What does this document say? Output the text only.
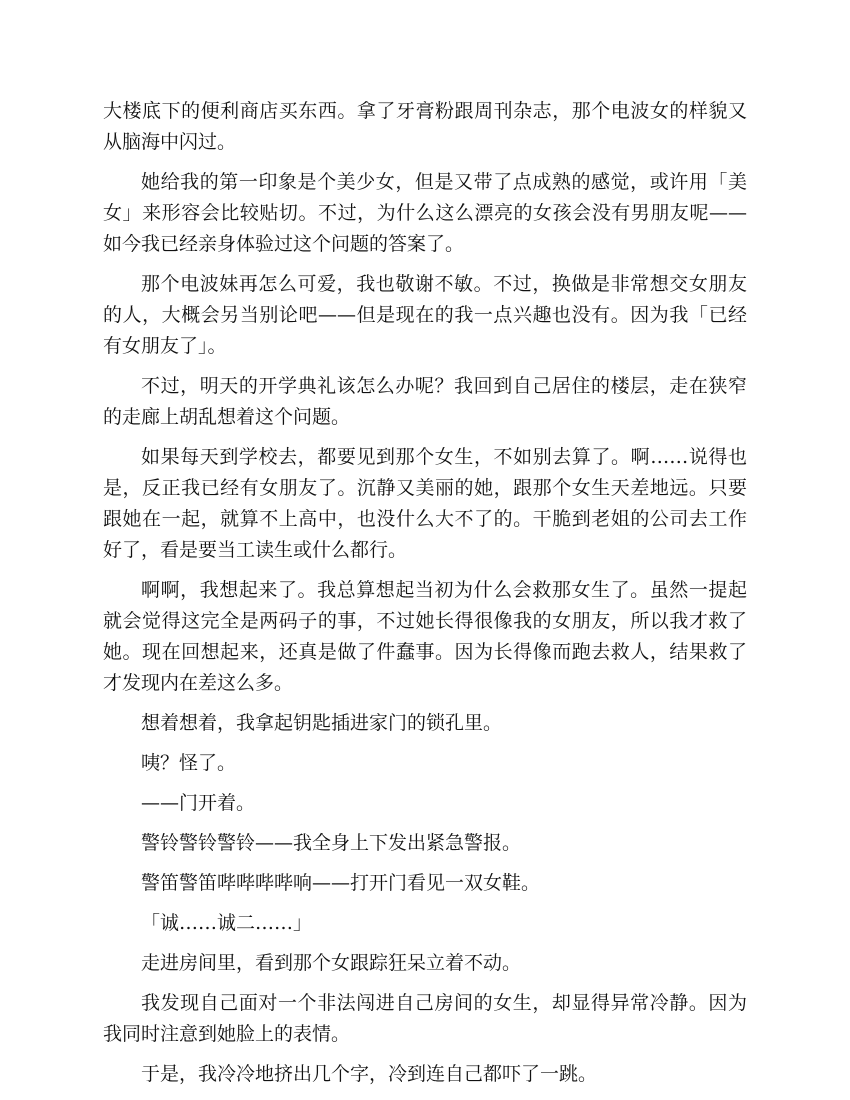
大楼底下的便利商店买东西。拿了牙膏粉跟周刊杂志，那个电波女的样貌又从脑海中闪过。

她给我的第一印象是个美少女，但是又带了点成熟的感觉，或许用「美女」来形容会比较贴切。不过，为什么这么漂亮的女孩会没有男朋友呢——如今我已经亲身体验过这个问题的答案了。

那个电波妹再怎么可爱，我也敬谢不敏。不过，换做是非常想交女朋友的人，大概会另当别论吧——但是现在的我一点兴趣也没有。因为我「已经有女朋友了」。

不过，明天的开学典礼该怎么办呢？我回到自己居住的楼层，走在狭窄的走廊上胡乱想着这个问题。

如果每天到学校去，都要见到那个女生，不如别去算了。啊……说得也是，反正我已经有女朋友了。沉静又美丽的她，跟那个女生天差地远。只要跟她在一起，就算不上高中，也没什么大不了的。干脆到老姐的公司去工作好了，看是要当工读生或什么都行。

啊啊，我想起来了。我总算想起当初为什么会救那女生了。虽然一提起就会觉得这完全是两码子的事，不过她长得很像我的女朋友，所以我才救了她。现在回想起来，还真是做了件蠢事。因为长得像而跑去救人，结果救了才发现内在差这么多。

想着想着，我拿起钥匙插进家门的锁孔里。

咦？怪了。

——门开着。

警铃警铃警铃——我全身上下发出紧急警报。

警笛警笛哔哔哔哔响——打开门看见一双女鞋。

「诚……诚二……」

走进房间里，看到那个女跟踪狂呆立着不动。

我发现自己面对一个非法闯进自己房间的女生，却显得异常冷静。因为我同时注意到她脸上的表情。

于是，我冷冷地挤出几个字，冷到连自己都吓了一跳。
